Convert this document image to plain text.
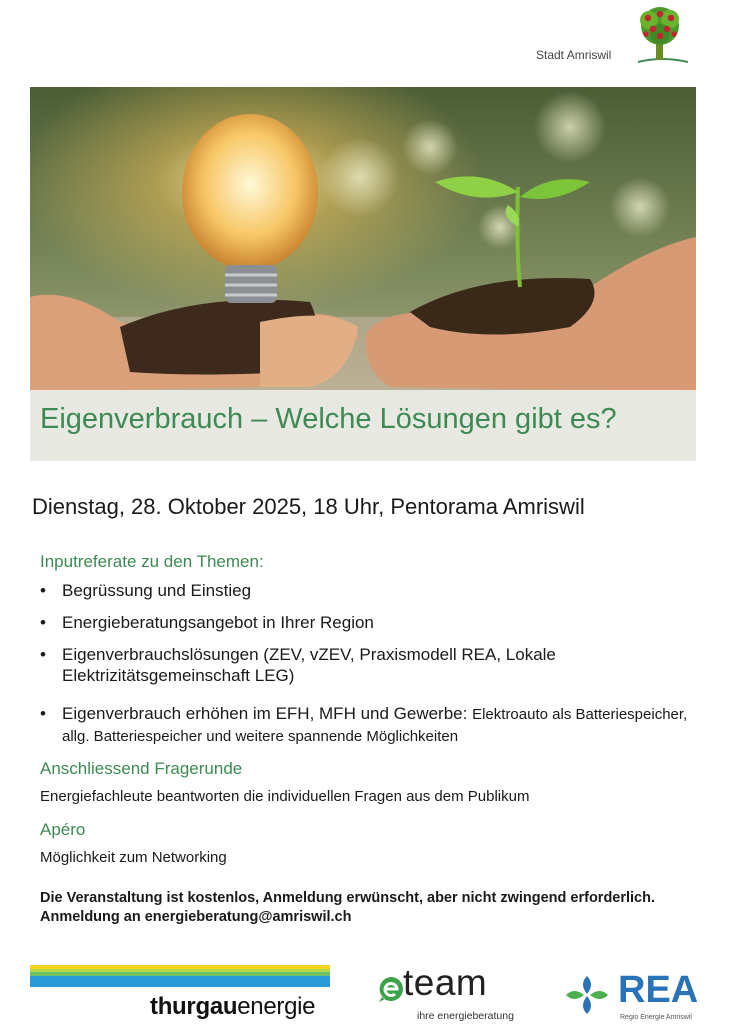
Stadt Amriswil
Eigenverbrauch – Welche Lösungen gibt es?
Dienstag, 28. Oktober 2025, 18 Uhr, Pentorama Amriswil
Inputreferate zu den Themen:
• Begrüssung und Einstieg
• Energieberatungsangebot in Ihrer Region
• Eigenverbrauchslösungen (ZEV, vZEV, Praxismodell REA, Lokale Elektrizitätsgemeinschaft LEG)
• Eigenverbrauch erhöhen im EFH, MFH und Gewerbe: Elektroauto als Batteriespeicher, allg. Batteriespeicher und weitere spannende Möglichkeiten
Anschliessend Fragerunde

Energiefachleute beantworten die individuellen Fragen aus dem Publikum

Apéro

Möglichkeit zum Networking

Die Veranstaltung ist kostenlos, Anmeldung erwünscht, aber nicht zwingend erforderlich. Anmeldung an energieberatung@amriswil.ch

thurgauenergie
team
ihre energieberatung
REA
Regio Energie Amriswil
